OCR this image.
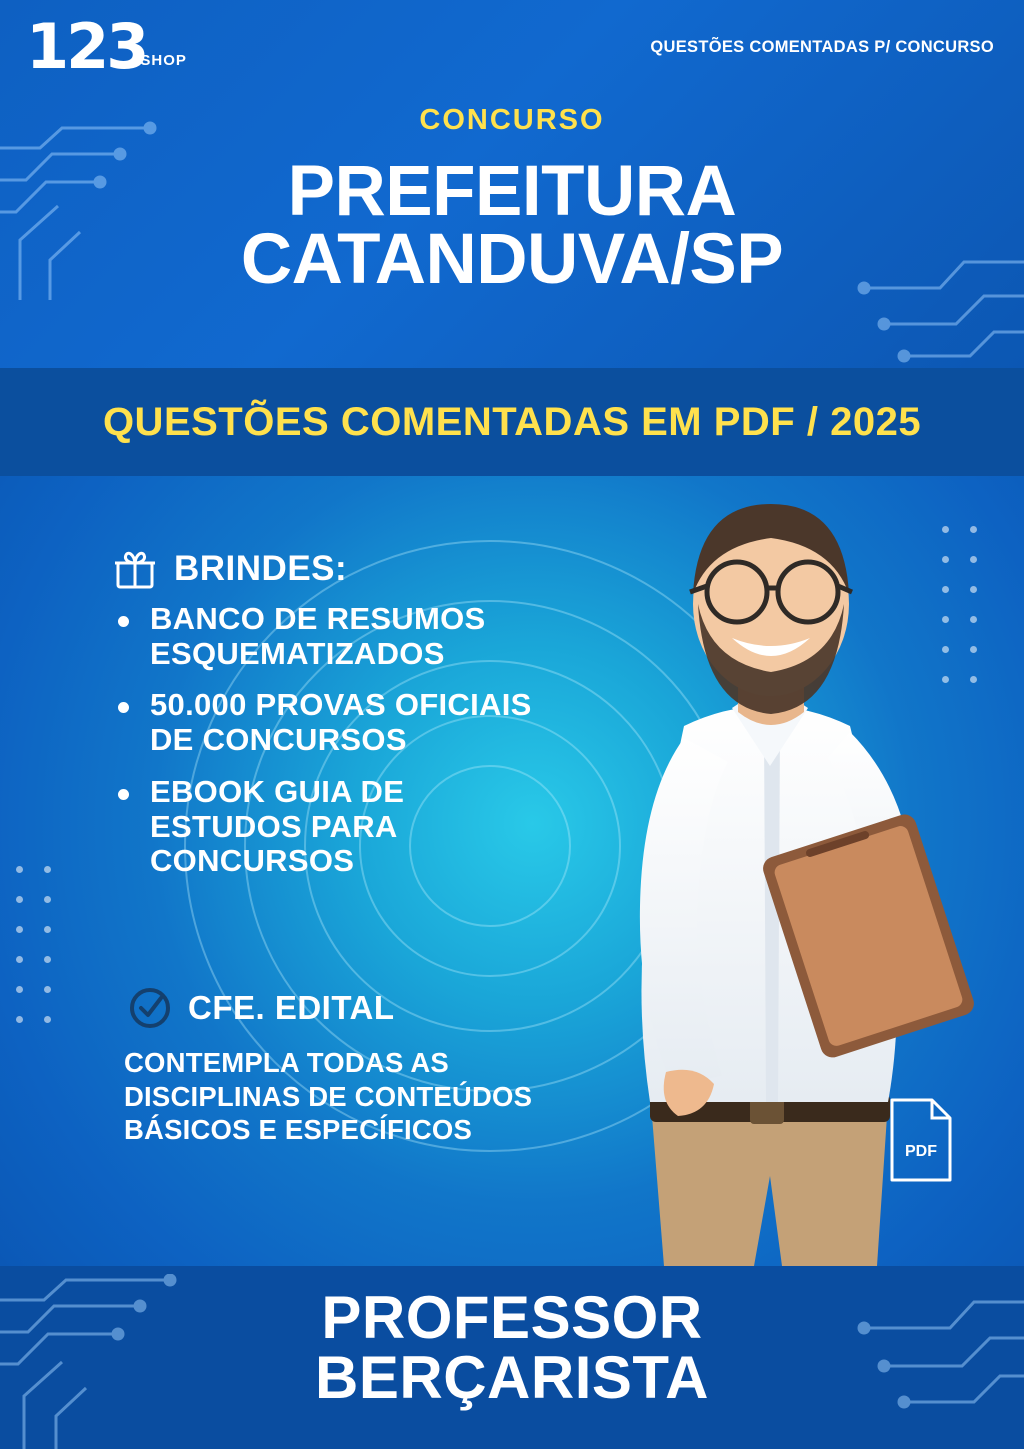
123
SHOP
QUESTÕES COMENTADAS P/ CONCURSO
CONCURSO
PREFEITURA
CATANDUVA/SP
QUESTÕES COMENTADAS EM PDF / 2025
BRINDES:
BANCO DE RESUMOS ESQUEMATIZADOS
50.000 PROVAS OFICIAIS DE CONCURSOS
EBOOK GUIA DE ESTUDOS PARA CONCURSOS
CFE. EDITAL
CONTEMPLA TODAS AS
DISCIPLINAS DE CONTEÚDOS
BÁSICOS E ESPECÍFICOS
PDF
PROFESSOR
BERÇARISTA
